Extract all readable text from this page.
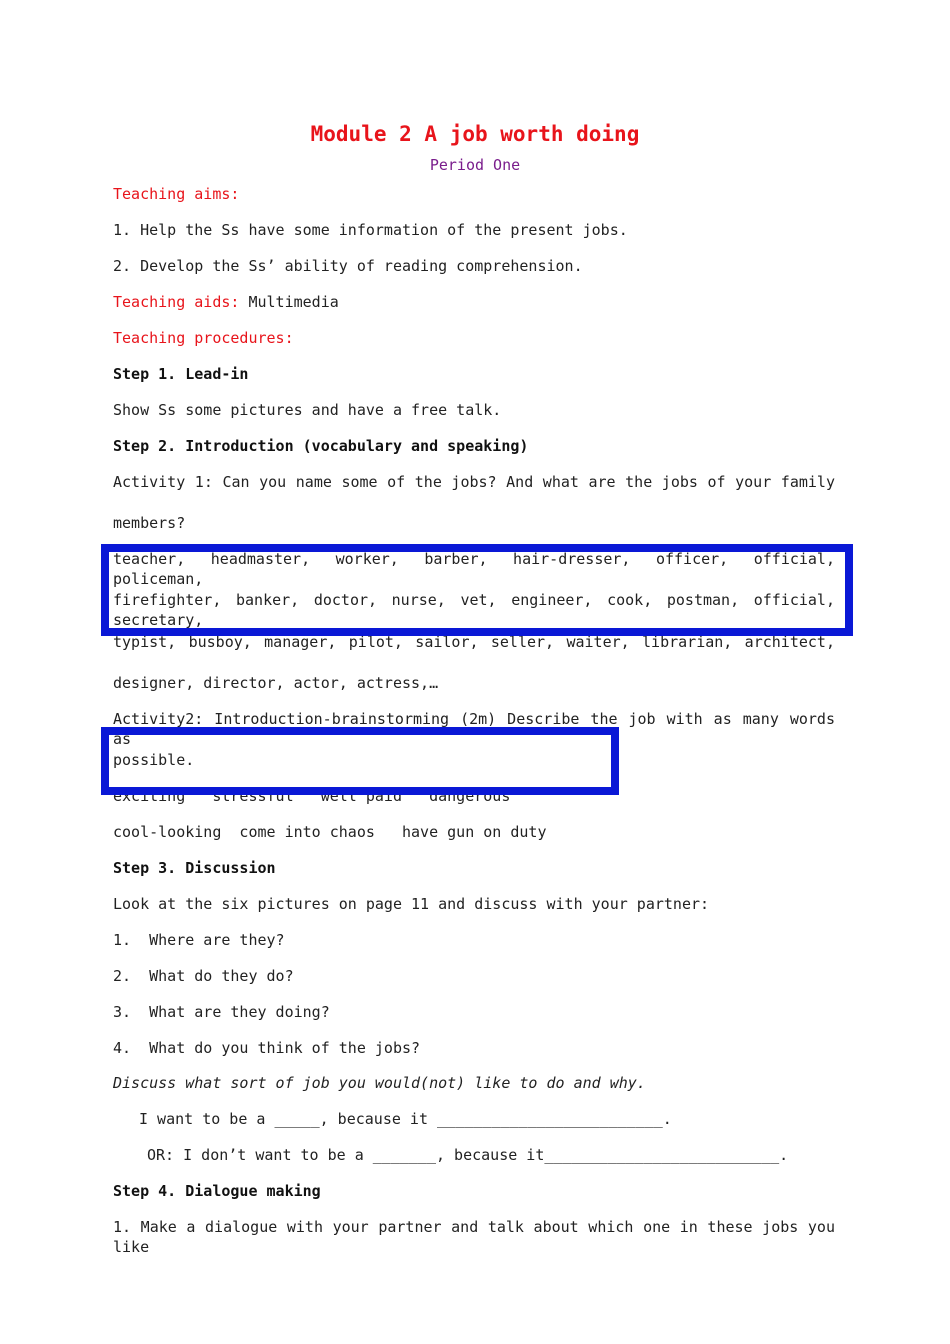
Module 2 A job worth doing
Period One
Teaching aims:
1. Help the Ss have some information of the present jobs.
2. Develop the Ss’ ability of reading comprehension.
Teaching aids: Multimedia
Teaching procedures:
Step 1. Lead-in
Show Ss some pictures and have a free talk.
Step 2. Introduction (vocabulary and speaking)
Activity 1: Can you name some of the jobs? And what are the jobs of your family
members?
teacher, headmaster, worker, barber, hair-dresser, officer, official, policeman,
firefighter, banker, doctor, nurse, vet, engineer, cook, postman, official, secretary,
typist, busboy, manager, pilot, sailor, seller, waiter, librarian, architect,
designer, director, actor, actress,…
Activity2: Introduction-brainstorming (2m) Describe the job with as many words as
possible.
exciting   stressful   well paid   dangerous
cool-looking  come into chaos   have gun on duty
Step 3. Discussion
Look at the six pictures on page 11 and discuss with your partner:
1.  Where are they?
2.  What do they do?
3.  What are they doing?
4.  What do you think of the jobs?
Discuss what sort of job you would(not) like to do and why.
I want to be a _____, because it _________________________.
OR: I don’t want to be a _______, because it__________________________.
Step 4. Dialogue making
1. Make a dialogue with your partner and talk about which one in these jobs you like
